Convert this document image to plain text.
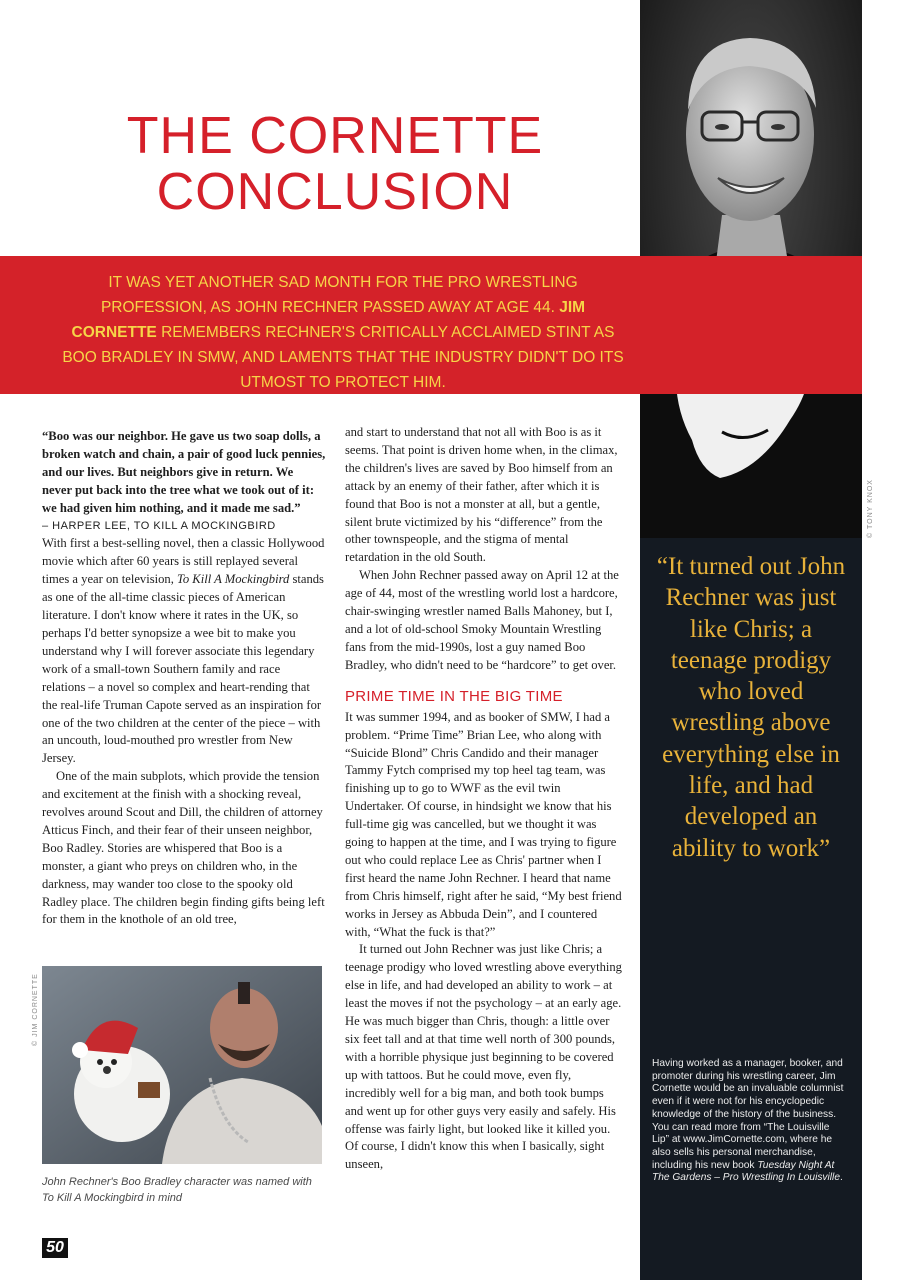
© TONY KNOX
THE CORNETTE
CONCLUSION

IT WAS YET ANOTHER SAD MONTH FOR THE PRO WRESTLING PROFESSION, AS JOHN RECHNER PASSED AWAY AT AGE 44. JIM CORNETTE REMEMBERS RECHNER'S CRITICALLY ACCLAIMED STINT AS BOO BRADLEY IN SMW, AND LAMENTS THAT THE INDUSTRY DIDN'T DO ITS UTMOST TO PROTECT HIM.

“Boo was our neighbor. He gave us two soap dolls, a broken watch and chain, a pair of good luck pennies, and our lives. But neighbors give in return. We never put back into the tree what we took out of it: we had given him nothing, and it made me sad.”

– HARPER LEE, TO KILL A MOCKINGBIRD

With first a best-selling novel, then a classic Hollywood movie which after 60 years is still replayed several times a year on television, To Kill A Mockingbird stands as one of the all-time classic pieces of American literature. I don't know where it rates in the UK, so perhaps I'd better synopsize a wee bit to make you understand why I will forever associate this legendary work of a small-town Southern family and race relations – a novel so complex and heart-rending that the real-life Truman Capote served as an inspiration for one of the two children at the center of the piece – with an uncouth, loud-mouthed pro wrestler from New Jersey.

One of the main subplots, which provide the tension and excitement at the finish with a shocking reveal, revolves around Scout and Dill, the children of attorney Atticus Finch, and their fear of their unseen neighbor, Boo Radley. Stories are whispered that Boo is a monster, a giant who preys on children who, in the darkness, may wander too close to the spooky old Radley place. The children begin finding gifts being left for them in the knothole of an old tree,

and start to understand that not all with Boo is as it seems. That point is driven home when, in the climax, the children's lives are saved by Boo himself from an attack by an enemy of their father, after which it is found that Boo is not a monster at all, but a gentle, silent brute victimized by his “difference” from the other townspeople, and the stigma of mental retardation in the old South.

When John Rechner passed away on April 12 at the age of 44, most of the wrestling world lost a hardcore, chair-swinging wrestler named Balls Mahoney, but I, and a lot of old-school Smoky Mountain Wrestling fans from the mid-1990s, lost a guy named Boo Bradley, who didn't need to be “hardcore” to get over.

PRIME TIME IN THE BIG TIME

It was summer 1994, and as booker of SMW, I had a problem. “Prime Time” Brian Lee, who along with “Suicide Blond” Chris Candido and their manager Tammy Fytch comprised my top heel tag team, was finishing up to go to WWF as the evil twin Undertaker. Of course, in hindsight we know that his full-time gig was cancelled, but we thought it was going to happen at the time, and I was trying to figure out who could replace Lee as Chris' partner when I first heard the name John Rechner. I heard that name from Chris himself, right after he said, “My best friend works in Jersey as Abbuda Dein”, and I countered with, “What the fuck is that?”

It turned out John Rechner was just like Chris; a teenage prodigy who loved wrestling above everything else in life, and had developed an ability to work – at least the moves if not the psychology – at an early age. He was much bigger than Chris, though: a little over six feet tall and at that time well north of 300 pounds, with a horrible physique just beginning to be covered up with tattoos. But he could move, even fly, incredibly well for a big man, and both took bumps and went up for other guys very easily and safely. His offense was fairly light, but looked like it killed you. Of course, I didn't know this when I basically, sight unseen,

© JIM CORNETTE

John Rechner's Boo Bradley character was named with To Kill A Mockingbird in mind

“It turned out John Rechner was just like Chris; a teenage prodigy who loved wrestling above everything else in life, and had developed an ability to work”

Having worked as a manager, booker, and promoter during his wrestling career, Jim Cornette would be an invaluable columnist even if it were not for his encyclopedic knowledge of the history of the business. You can read more from “The Louisville Lip” at www.JimCornette.com, where he also sells his personal merchandise, including his new book Tuesday Night At The Gardens – Pro Wrestling In Louisville.

50
